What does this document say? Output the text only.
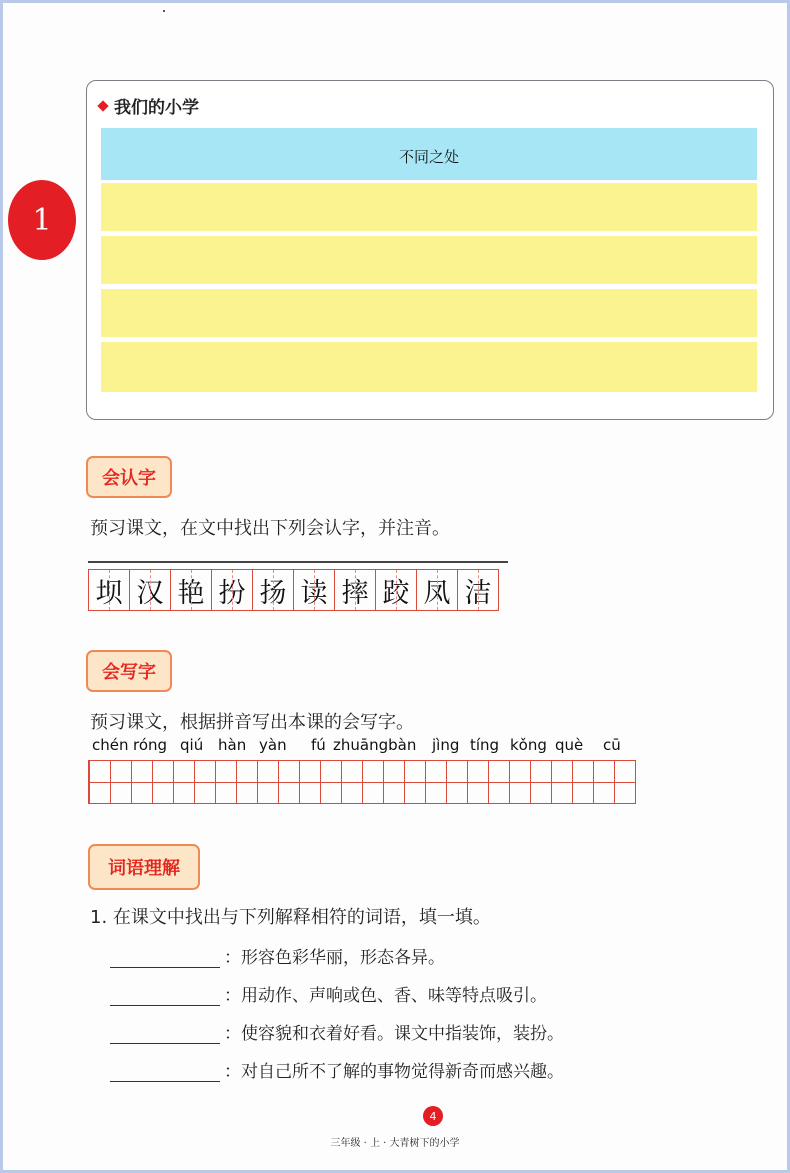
1
我们的小学
不同之处
会认字
预习课文，在文中找出下列会认字，并注音。
坝 汉 艳 扮 扬 读 摔 跤 凤 洁
会写字
预习课文，根据拼音写出本课的会写字。
chén róng qiú hàn yàn fú zhuāngbàn jìng tíng kǒng què cū
词语理解
1. 在课文中找出与下列解释相符的词语，填一填。
：形容色彩华丽，形态各异。
：用动作、声响或色、香、味等特点吸引。
：使容貌和衣着好看。课文中指装饰，装扮。
：对自己所不了解的事物觉得新奇而感兴趣。
4
三年级 · 上 · 大青树下的小学
